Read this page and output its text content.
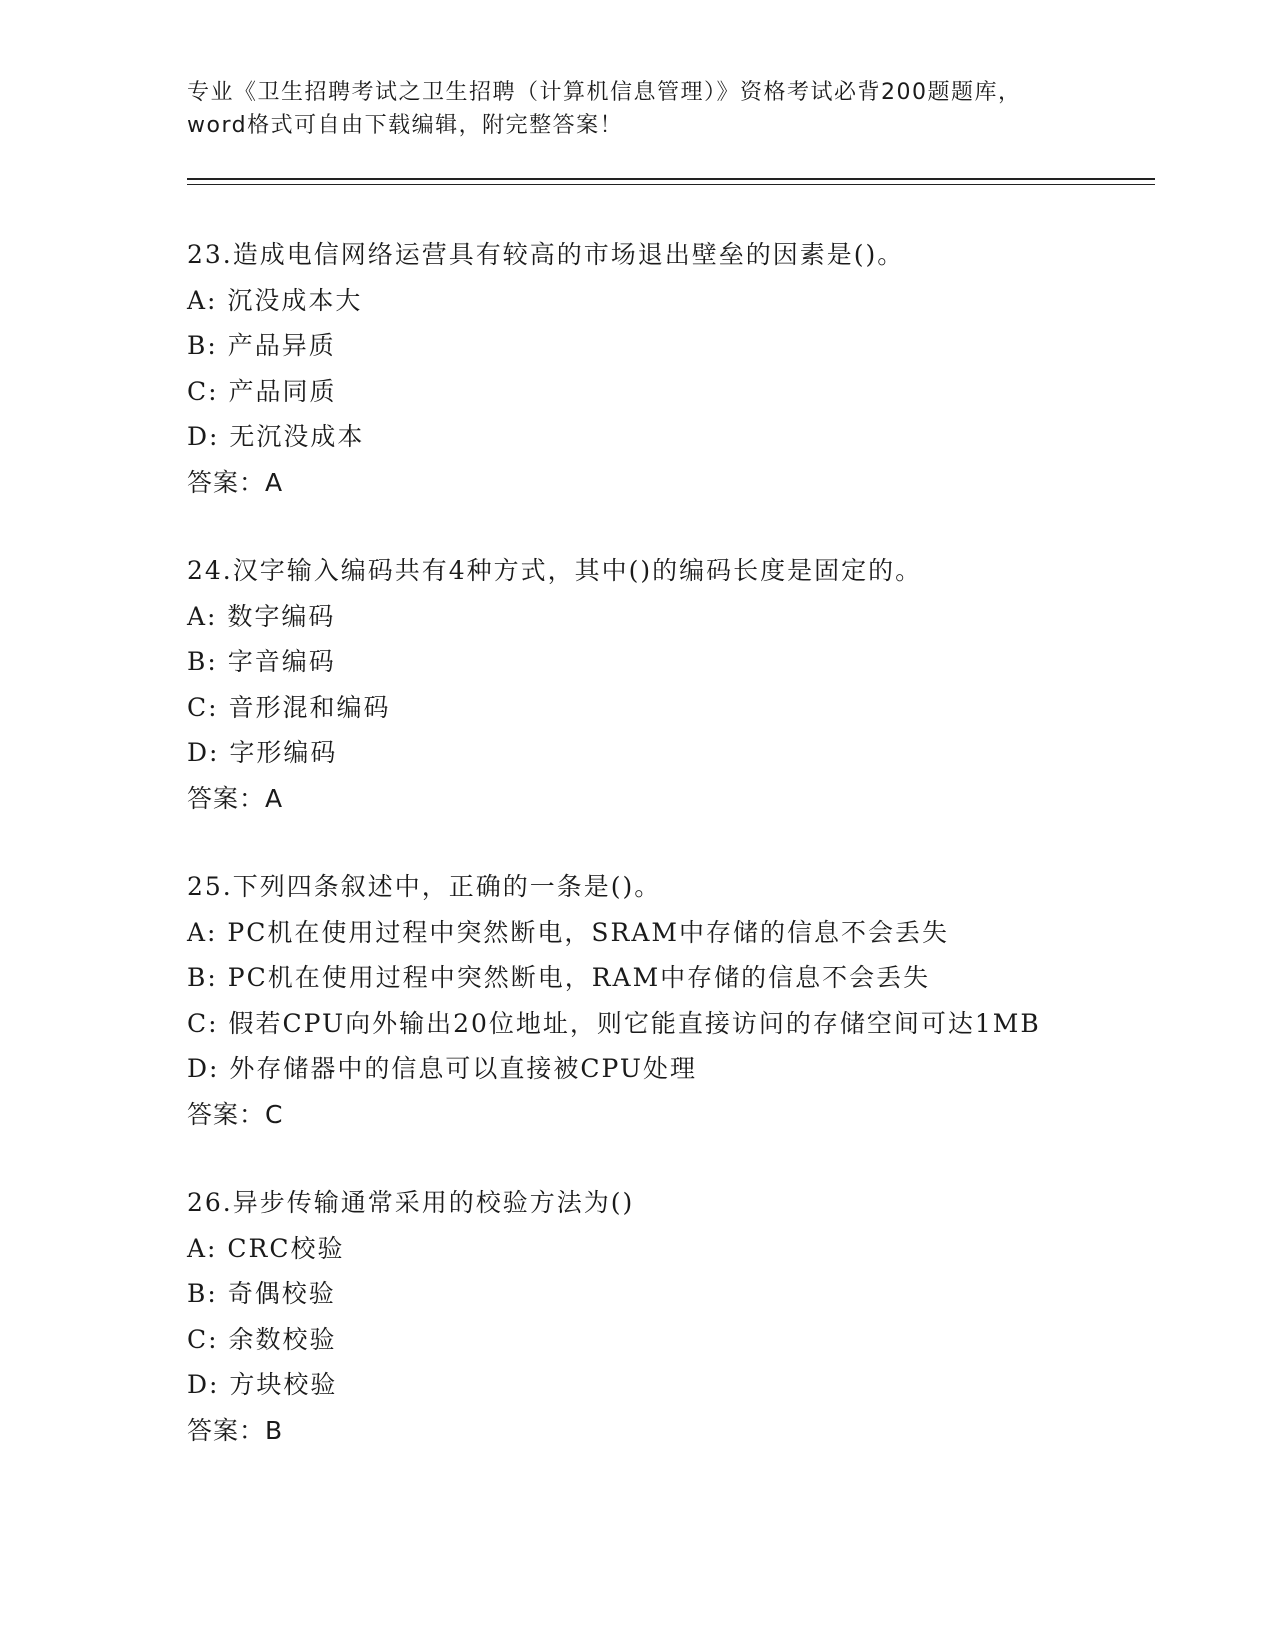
专业《卫生招聘考试之卫生招聘（计算机信息管理）》资格考试必背200题题库，
word格式可自由下载编辑，附完整答案！
23.造成电信网络运营具有较高的市场退出壁垒的因素是()。
A: 沉没成本大
B: 产品异质
C: 产品同质
D: 无沉没成本
答案：A
24.汉字输入编码共有4种方式，其中()的编码长度是固定的。
A: 数字编码
B: 字音编码
C: 音形混和编码
D: 字形编码
答案：A
25.下列四条叙述中，正确的一条是()。
A: PC机在使用过程中突然断电，SRAM中存储的信息不会丢失
B: PC机在使用过程中突然断电，RAM中存储的信息不会丢失
C: 假若CPU向外输出20位地址，则它能直接访问的存储空间可达1MB
D: 外存储器中的信息可以直接被CPU处理
答案：C
26.异步传输通常采用的校验方法为()
A: CRC校验
B: 奇偶校验
C: 余数校验
D: 方块校验
答案：B
